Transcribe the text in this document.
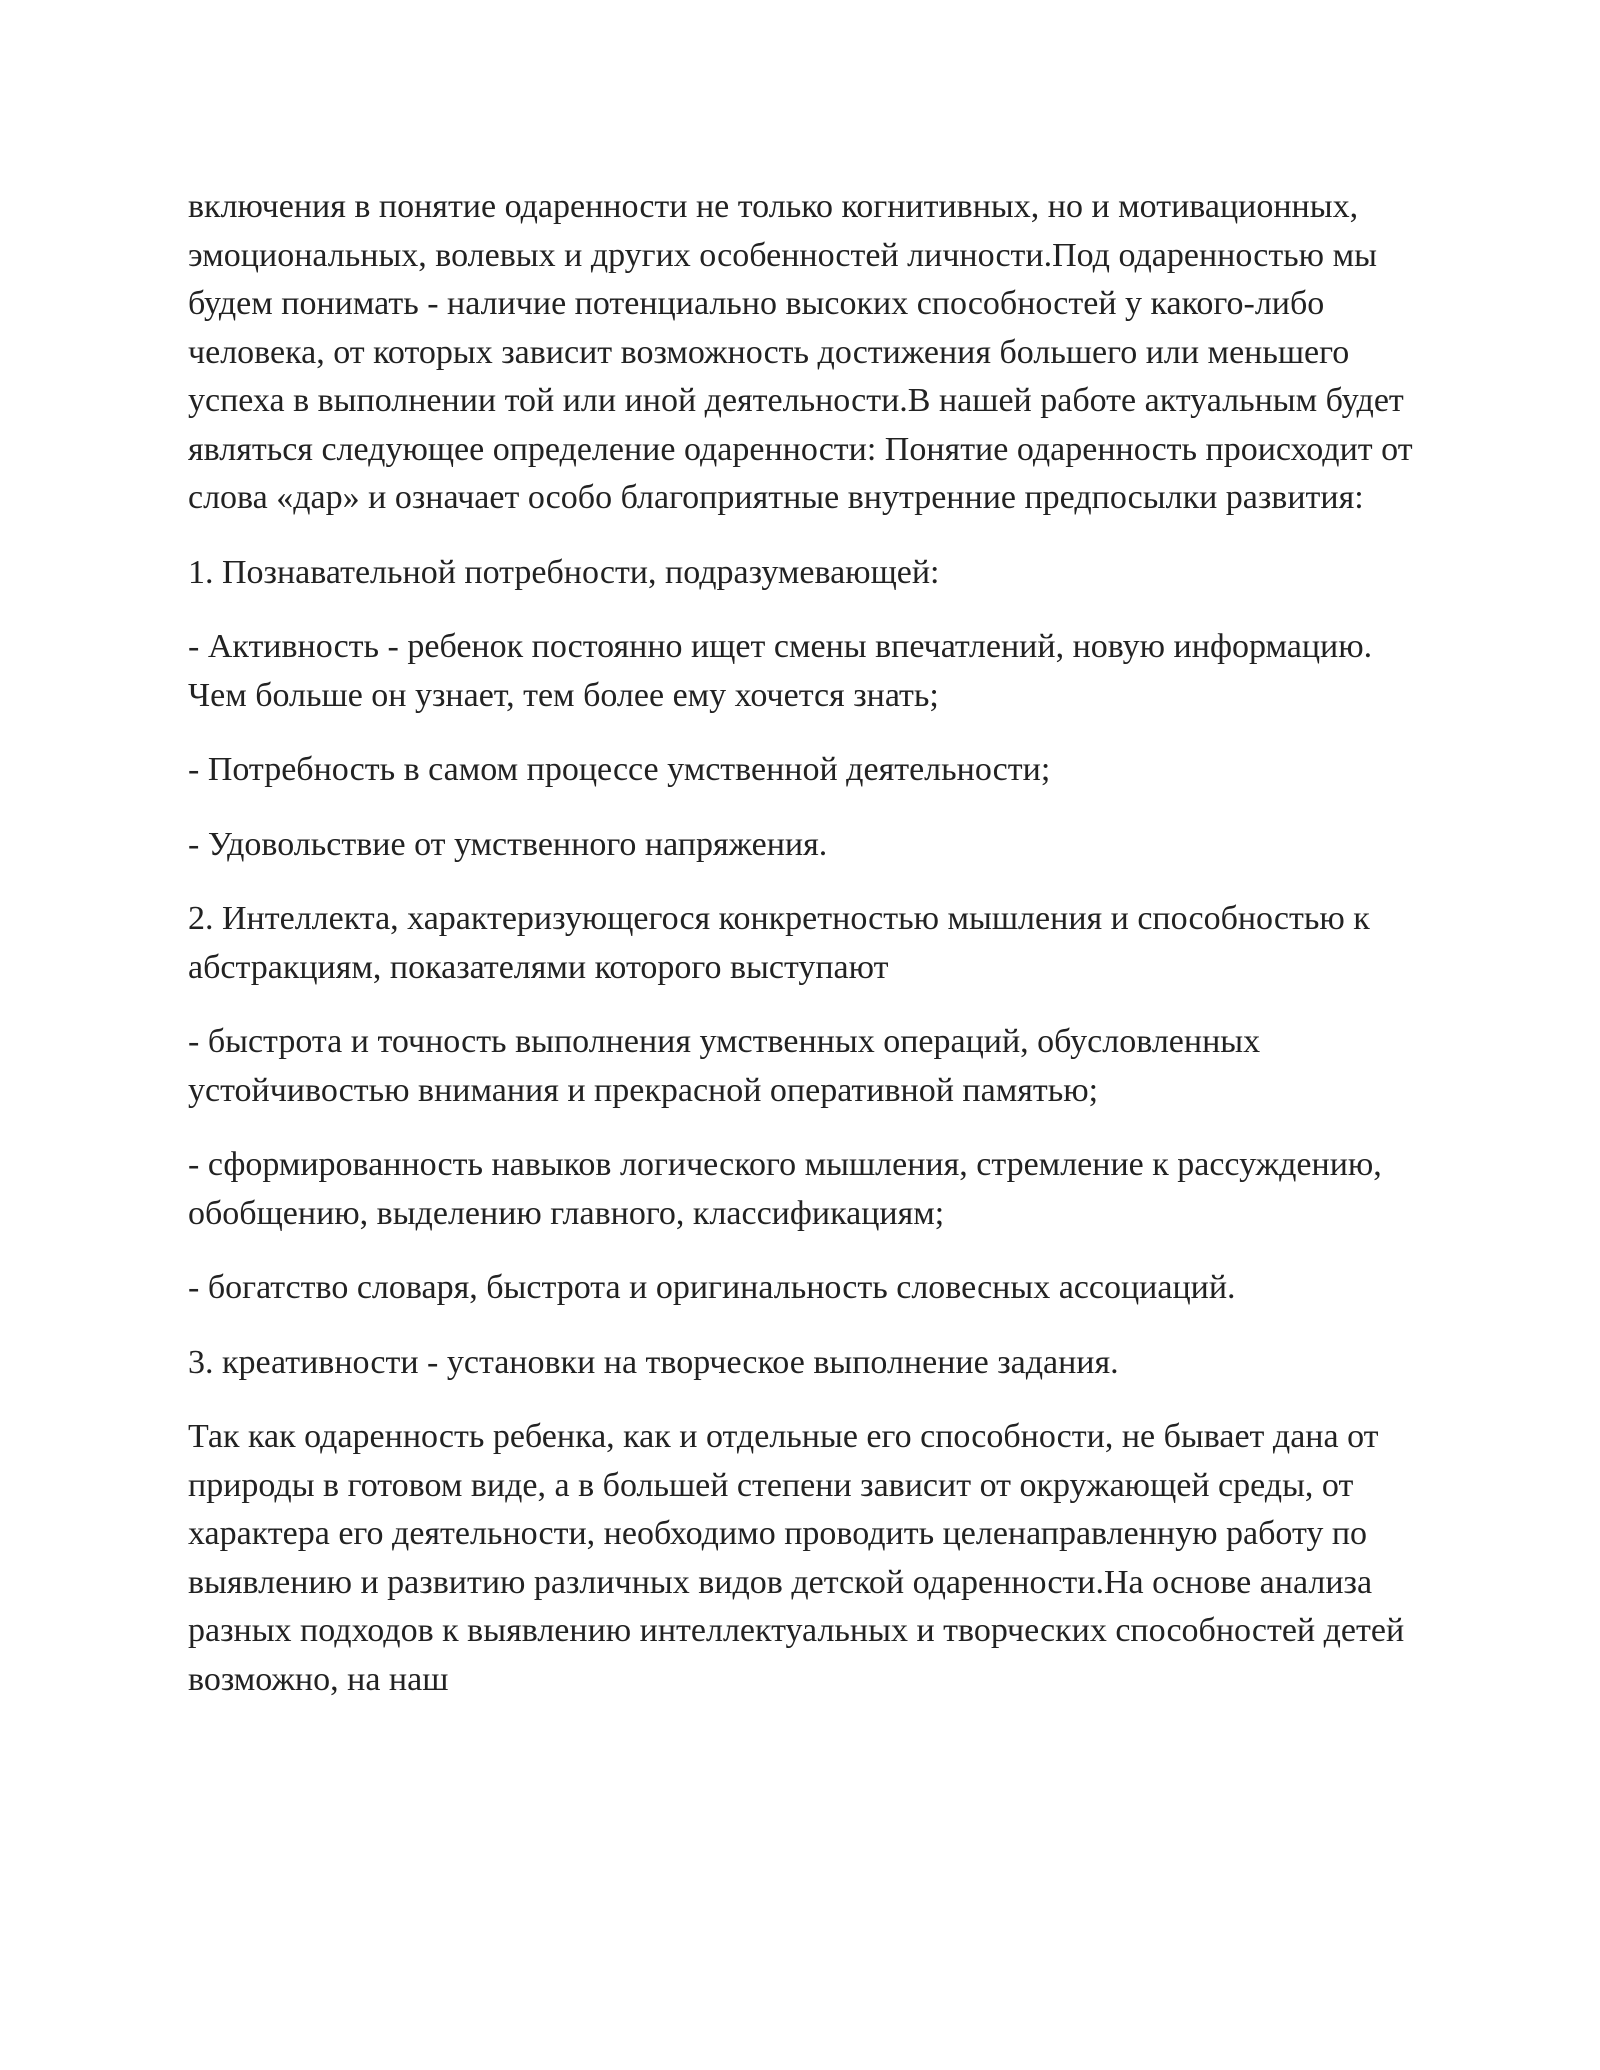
включения в понятие одаренности не только когнитивных, но и мотивационных, эмоциональных, волевых и других особенностей личности.Под одаренностью мы будем понимать - наличие потенциально высоких способностей у какого-либо человека, от которых зависит возможность достижения большего или меньшего успеха в выполнении той или иной деятельности.В нашей работе актуальным будет являться следующее определение одаренности: Понятие одаренность происходит от слова «дар» и означает особо благоприятные внутренние предпосылки развития:

1. Познавательной потребности, подразумевающей:

- Активность - ребенок постоянно ищет смены впечатлений, новую информацию. Чем больше он узнает, тем более ему хочется знать;

- Потребность в самом процессе умственной деятельности;

- Удовольствие от умственного напряжения.

2. Интеллекта, характеризующегося конкретностью мышления и способностью к абстракциям, показателями которого выступают

- быстрота и точность выполнения умственных операций, обусловленных устойчивостью внимания и прекрасной оперативной памятью;

- сформированность навыков логического мышления, стремление к рассуждению, обобщению, выделению главного, классификациям;

- богатство словаря, быстрота и оригинальность словесных ассоциаций.

3. креативности - установки на творческое выполнение задания.

Так как одаренность ребенка, как и отдельные его способности, не бывает дана от природы в готовом виде, а в большей степени зависит от окружающей среды, от характера его деятельности, необходимо проводить целенаправленную работу по выявлению и развитию различных видов детской одаренности.На основе анализа разных подходов к выявлению интеллектуальных и творческих способностей детей возможно, на наш
